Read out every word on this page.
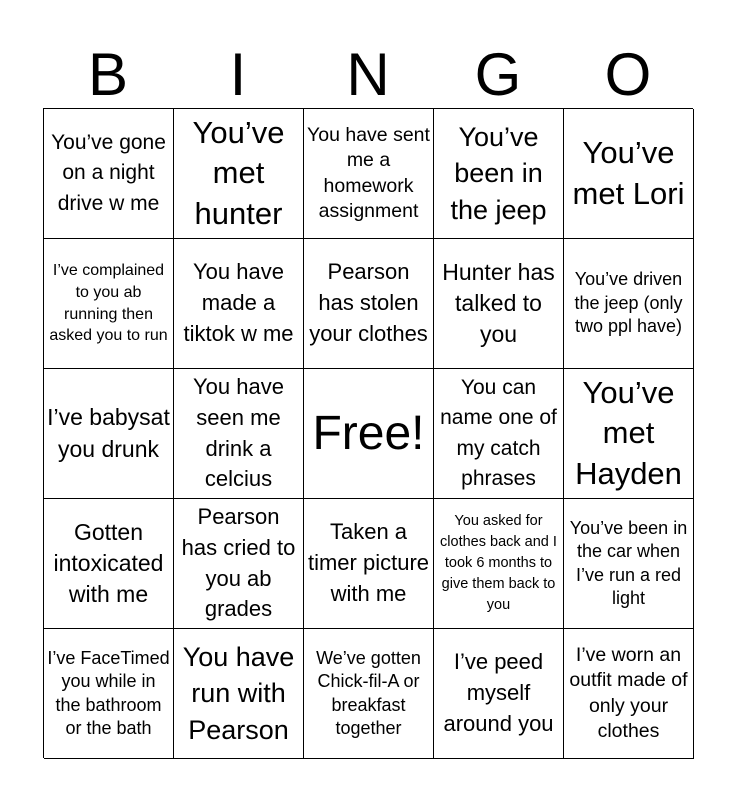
B	I	N	G	O
You’ve gone on a night drive w me
You’ve met hunter
You have sent me a homework assignment
You’ve been in the jeep
You’ve met Lori
I’ve complained to you ab running then asked you to run
You have made a tiktok w me
Pearson has stolen your clothes
Hunter has talked to you
You’ve driven the jeep (only two ppl have)
I’ve babysat you drunk
You have seen me drink a celcius
Free!
You can name one of my catch phrases
You’ve met Hayden
Gotten intoxicated with me
Pearson has cried to you ab grades
Taken a timer picture with me
You asked for clothes back and I took 6 months to give them back to you
You’ve been in the car when I’ve run a red light
I’ve FaceTimed you while in the bathroom or the bath
You have run with Pearson
We’ve gotten Chick-fil-A or breakfast together
I’ve peed myself around you
I’ve worn an outfit made of only your clothes
